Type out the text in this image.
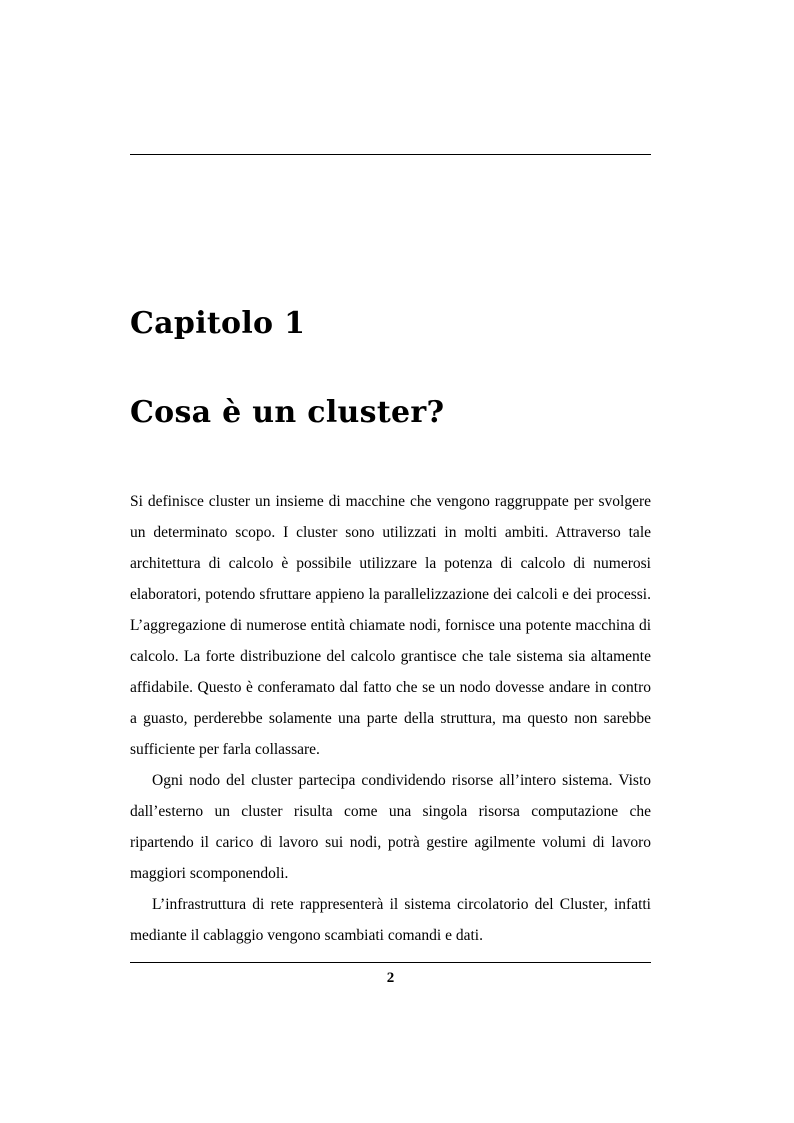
Capitolo 1
Cosa è un cluster?

Si definisce cluster un insieme di macchine che vengono raggruppate per svolgere un determinato scopo. I cluster sono utilizzati in molti ambiti. Attraverso tale architettura di calcolo è possibile utilizzare la potenza di calcolo di numerosi elaboratori, potendo sfruttare appieno la parallelizzazione dei calcoli e dei processi. L’aggregazione di numerose entità chiamate nodi, fornisce una potente macchina di calcolo. La forte distribuzione del calcolo grantisce che tale sistema sia altamente affidabile. Questo è conferamato dal fatto che se un nodo dovesse andare in contro a guasto, perderebbe solamente una parte della struttura, ma questo non sarebbe sufficiente per farla collassare.

Ogni nodo del cluster partecipa condividendo risorse all’intero sistema. Visto dall’esterno un cluster risulta come una singola risorsa computazione che ripartendo il carico di lavoro sui nodi, potrà gestire agilmente volumi di lavoro maggiori scomponendoli.

L’infrastruttura di rete rappresenterà il sistema circolatorio del Cluster, infatti mediante il cablaggio vengono scambiati comandi e dati.

2
